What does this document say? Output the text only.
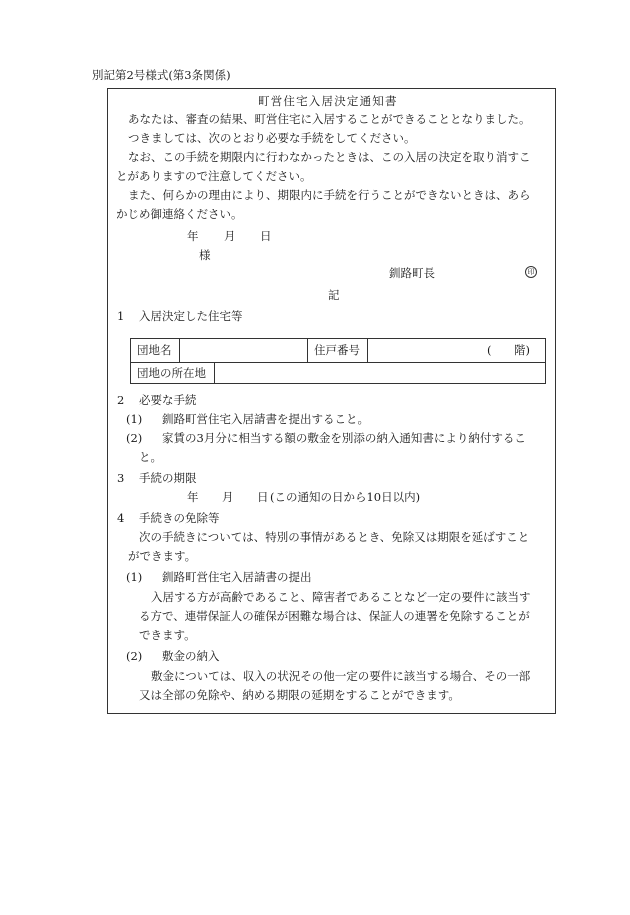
別記第2号様式(第3条関係)
町営住宅入居決定通知書
あなたは、審査の結果、町営住宅に入居することができることとなりました。
つきましては、次のとおり必要な手続をしてください。
なお、この手続を期限内に行わなかったときは、この入居の決定を取り消すこ
とがありますので注意してください。
また、何らかの理由により、期限内に手続を行うことができないときは、あら
かじめ御連絡ください。
年 月 日
様
釧路町長	印
記
1 入居決定した住宅等
団地名	住戸番号	( 階)
団地の所在地
2 必要な手続
(1) 釧路町営住宅入居請書を提出すること。
(2) 家賃の3月分に相当する額の敷金を別添の納入通知書により納付するこ
と。
3 手続の期限
年 月 日 (この通知の日から10日以内)
4 手続きの免除等
次の手続きについては、特別の事情があるとき、免除又は期限を延ばすこと
ができます。
(1) 釧路町営住宅入居請書の提出
入居する方が高齢であること、障害者であることなど一定の要件に該当す
る方で、連帯保証人の確保が困難な場合は、保証人の連署を免除することが
できます。
(2) 敷金の納入
敷金については、収入の状況その他一定の要件に該当する場合、その一部
又は全部の免除や、納める期限の延期をすることができます。
